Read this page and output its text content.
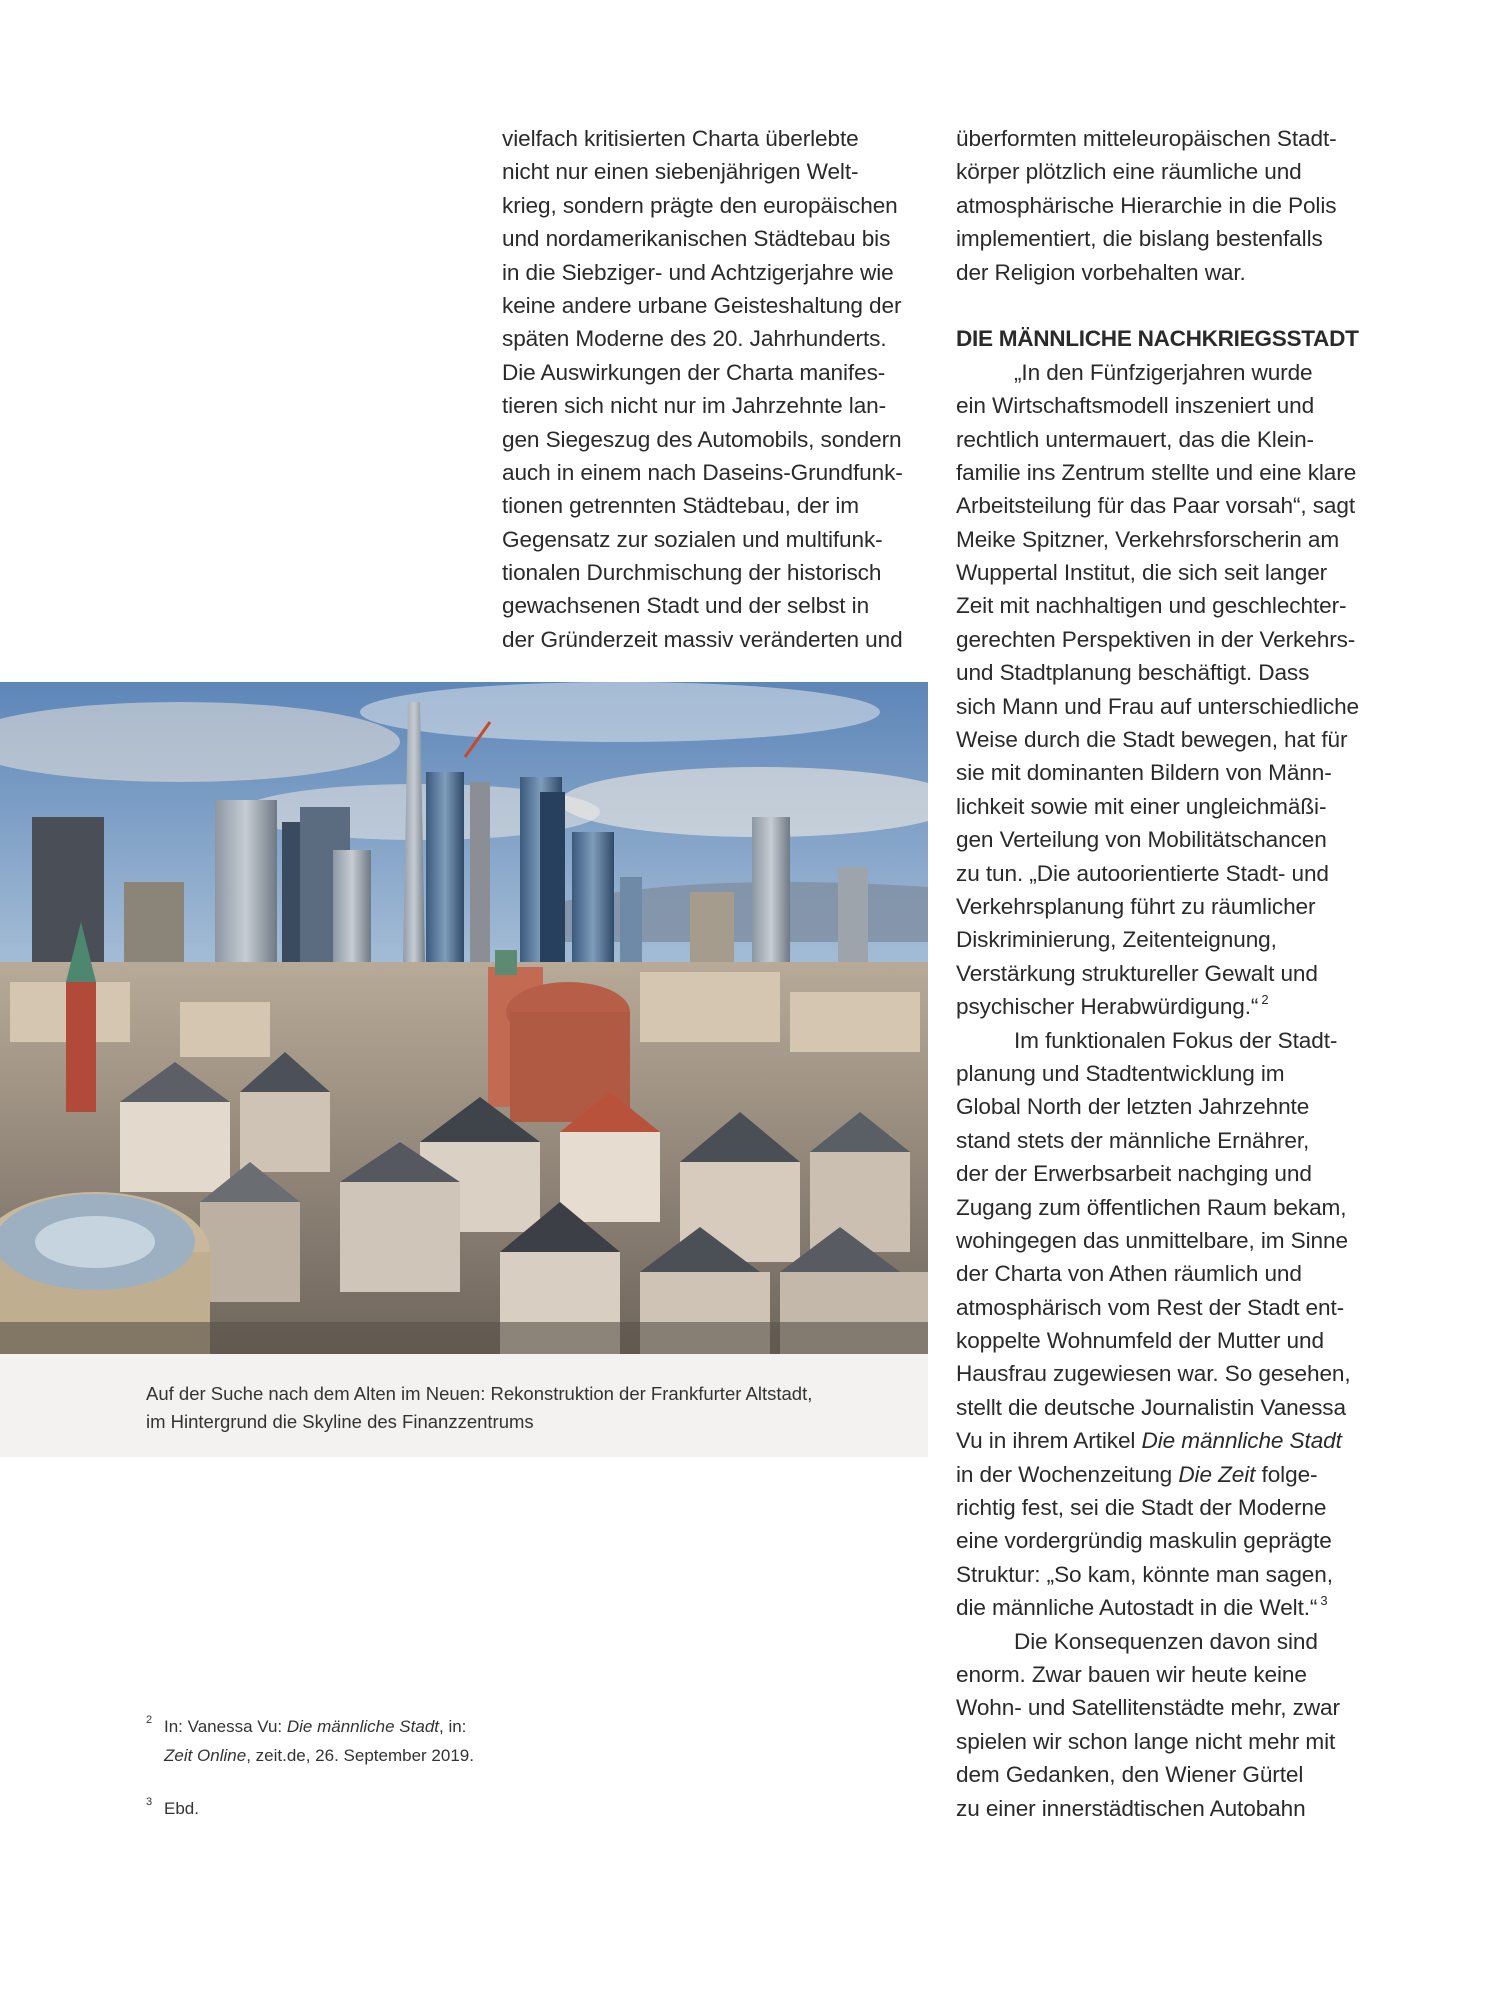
vielfach kritisierten Charta überlebte
nicht nur einen siebenjährigen Welt-
krieg, sondern prägte den europäischen
und nordamerikanischen Städtebau bis
in die Siebziger- und Achtzigerjahre wie
keine andere urbane Geisteshaltung der
späten Moderne des 20. Jahrhunderts.
Die Auswirkungen der Charta manifes-
tieren sich nicht nur im Jahrzehnte lan-
gen Siegeszug des Automobils, sondern
auch in einem nach Daseins-Grundfunk-
tionen getrennten Städtebau, der im
Gegensatz zur sozialen und multifunk-
tionalen Durchmischung der historisch
gewachsenen Stadt und der selbst in
der Gründerzeit massiv veränderten und
überformten mitteleuropäischen Stadt-
körper plötzlich eine räumliche und
atmosphärische Hierarchie in die Polis
implementiert, die bislang bestenfalls
der Religion vorbehalten war.
DIE MÄNNLICHE NACHKRIEGSSTADT
„In den Fünfzigerjahren wurde
ein Wirtschaftsmodell inszeniert und
rechtlich untermauert, das die Klein-
familie ins Zentrum stellte und eine klare
Arbeitsteilung für das Paar vorsah“, sagt
Meike Spitzner, Verkehrsforscherin am
Wuppertal Institut, die sich seit langer
Zeit mit nachhaltigen und geschlechter-
gerechten Perspektiven in der Verkehrs-
und Stadtplanung beschäftigt. Dass
sich Mann und Frau auf unterschiedliche
Weise durch die Stadt bewegen, hat für
sie mit dominanten Bildern von Männ-
lichkeit sowie mit einer ungleichmäßi-
gen Verteilung von Mobilitätschancen
zu tun. „Die autoorientierte Stadt- und
Verkehrsplanung führt zu räumlicher
Diskriminierung, Zeitenteignung,
Verstärkung struktureller Gewalt und
psychischer Herabwürdigung.“ $^2$
Im funktionalen Fokus der Stadt-
planung und Stadtentwicklung im
Global North der letzten Jahrzehnte
stand stets der männliche Ernährer,
der der Erwerbsarbeit nachging und
Zugang zum öffentlichen Raum bekam,
wohingegen das unmittelbare, im Sinne
der Charta von Athen räumlich und
atmosphärisch vom Rest der Stadt ent-
koppelte Wohnumfeld der Mutter und
Hausfrau zugewiesen war. So gesehen,
stellt die deutsche Journalistin Vanessa
Vu in ihrem Artikel Die männliche Stadt
in der Wochenzeitung Die Zeit folge-
richtig fest, sei die Stadt der Moderne
eine vordergründig maskulin geprägte
Struktur: „So kam, könnte man sagen,
die männliche Autostadt in die Welt.“ $^3$
Die Konsequenzen davon sind
enorm. Zwar bauen wir heute keine
Wohn- und Satellitenstädte mehr, zwar
spielen wir schon lange nicht mehr mit
dem Gedanken, den Wiener Gürtel
zu einer innerstädtischen Autobahn
Auf der Suche nach dem Alten im Neuen: Rekonstruktion der Frankfurter Altstadt,
im Hintergrund die Skyline des Finanzzentrums
2 In: Vanessa Vu: Die männliche Stadt, in:
Zeit Online, zeit.de, 26. September 2019.
3 Ebd.
